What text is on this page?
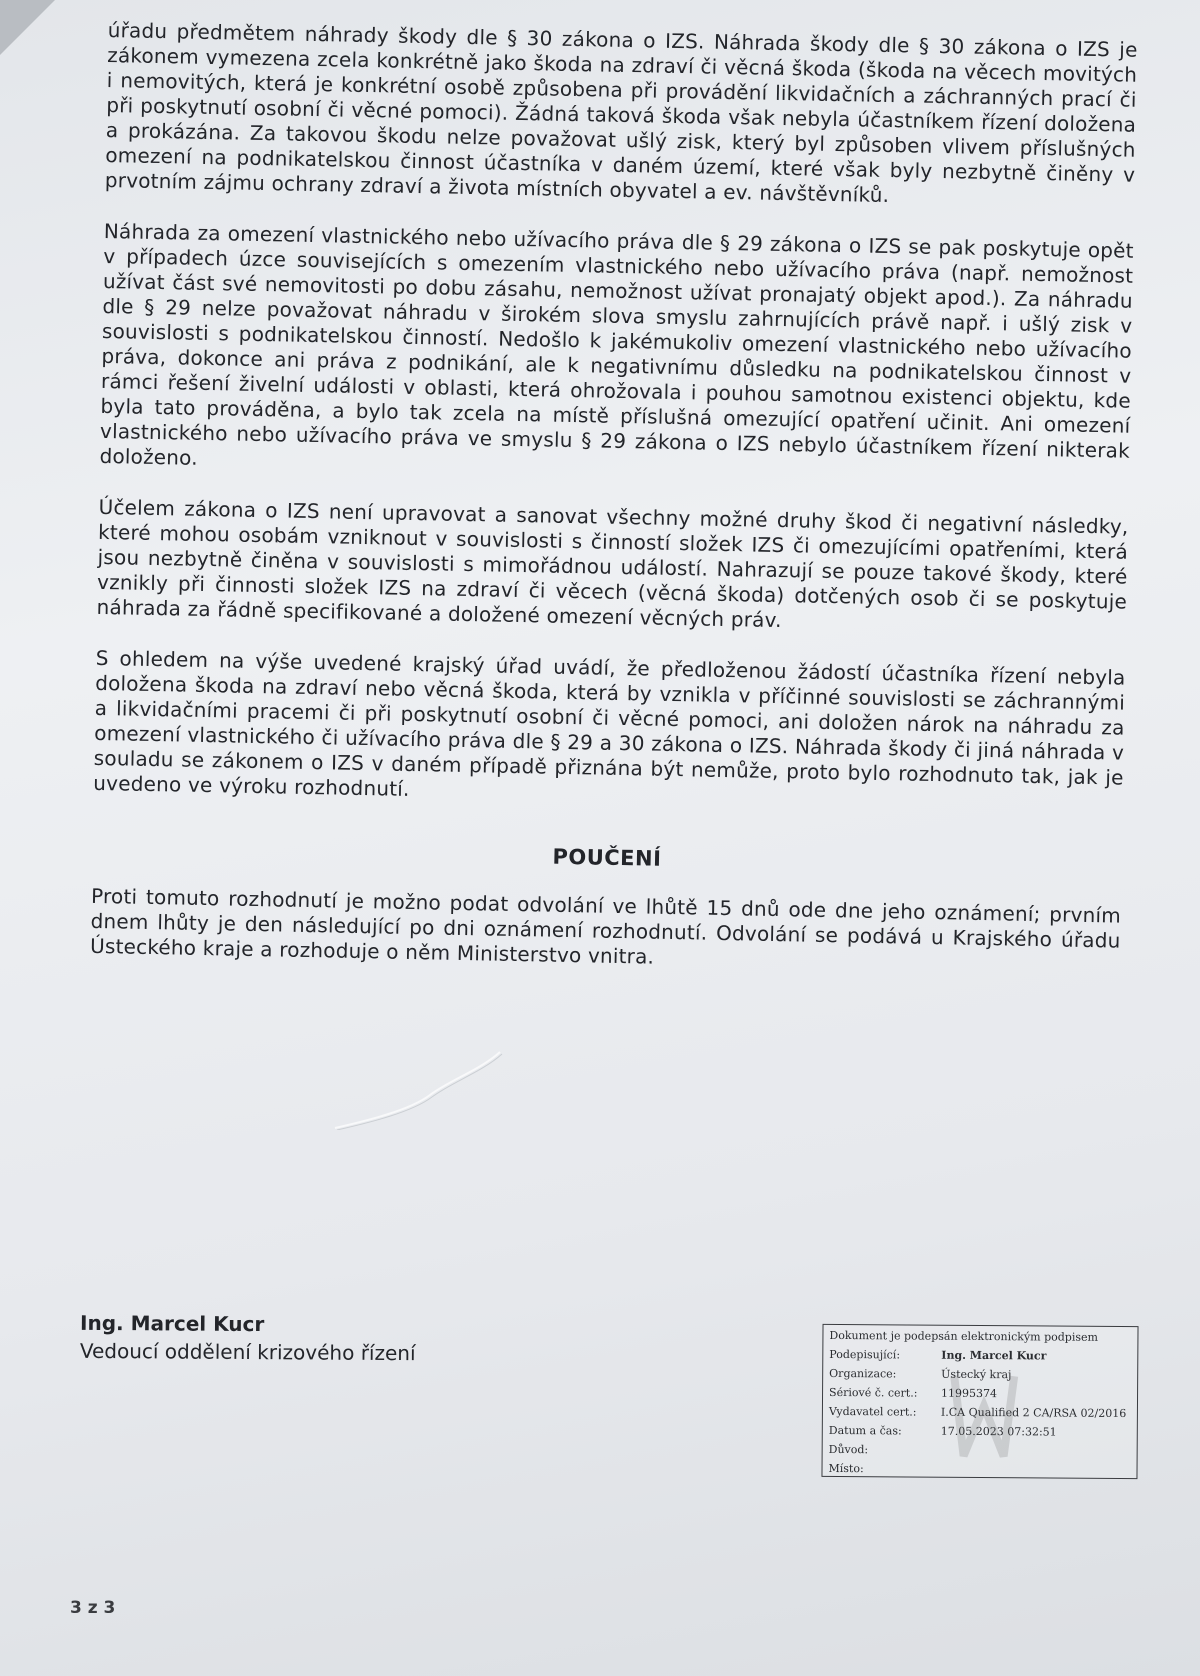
úřadu předmětem náhrady škody dle § 30 zákona o IZS. Náhrada škody dle § 30 zákona o IZS je zákonem vymezena zcela konkrétně jako škoda na zdraví či věcná škoda (škoda na věcech movitých i nemovitých, která je konkrétní osobě způsobena při provádění likvidačních a záchranných prací či při poskytnutí osobní či věcné pomoci). Žádná taková škoda však nebyla účastníkem řízení doložena a prokázána. Za takovou škodu nelze považovat ušlý zisk, který byl způsoben vlivem příslušných omezení na podnikatelskou činnost účastníka v daném území, které však byly nezbytně činěny v prvotním zájmu ochrany zdraví a života místních obyvatel a ev. návštěvníků.

Náhrada za omezení vlastnického nebo užívacího práva dle § 29 zákona o IZS se pak poskytuje opět v případech úzce souvisejících s omezením vlastnického nebo užívacího práva (např. nemožnost užívat část své nemovitosti po dobu zásahu, nemožnost užívat pronajatý objekt apod.). Za náhradu dle § 29 nelze považovat náhradu v širokém slova smyslu zahrnujících právě např. i ušlý zisk v souvislosti s podnikatelskou činností. Nedošlo k jakémukoliv omezení vlastnického nebo užívacího práva, dokonce ani práva z podnikání, ale k negativnímu důsledku na podnikatelskou činnost v rámci řešení živelní události v oblasti, která ohrožovala i pouhou samotnou existenci objektu, kde byla tato prováděna, a bylo tak zcela na místě příslušná omezující opatření učinit. Ani omezení vlastnického nebo užívacího práva ve smyslu § 29 zákona o IZS nebylo účastníkem řízení nikterak doloženo.

Účelem zákona o IZS není upravovat a sanovat všechny možné druhy škod či negativní následky, které mohou osobám vzniknout v souvislosti s činností složek IZS či omezujícími opatřeními, která jsou nezbytně činěna v souvislosti s mimořádnou událostí. Nahrazují se pouze takové škody, které vznikly při činnosti složek IZS na zdraví či věcech (věcná škoda) dotčených osob či se poskytuje náhrada za řádně specifikované a doložené omezení věcných práv.

S ohledem na výše uvedené krajský úřad uvádí, že předloženou žádostí účastníka řízení nebyla doložena škoda na zdraví nebo věcná škoda, která by vznikla v příčinné souvislosti se záchrannými a likvidačními pracemi či při poskytnutí osobní či věcné pomoci, ani doložen nárok na náhradu za omezení vlastnického či užívacího práva dle § 29 a 30 zákona o IZS. Náhrada škody či jiná náhrada v souladu se zákonem o IZS v daném případě přiznána být nemůže, proto bylo rozhodnuto tak, jak je uvedeno ve výroku rozhodnutí.

POUČENÍ

Proti tomuto rozhodnutí je možno podat odvolání ve lhůtě 15 dnů ode dne jeho oznámení; prvním dnem lhůty je den následující po dni oznámení rozhodnutí. Odvolání se podává u Krajského úřadu Ústeckého kraje a rozhoduje o něm Ministerstvo vnitra.

Ing. Marcel Kucr
Vedoucí oddělení krizového řízení
Dokument je podepsán elektronickým podpisem
Podepisující:	Ing. Marcel Kucr
Organizace:	Ústecký kraj
Sériové č. cert.:	11995374
Vydavatel cert.:	I.CA Qualified 2 CA/RSA 02/2016
Datum a čas:	17.05.2023 07:32:51
Důvod:
Místo:
3 z 3
